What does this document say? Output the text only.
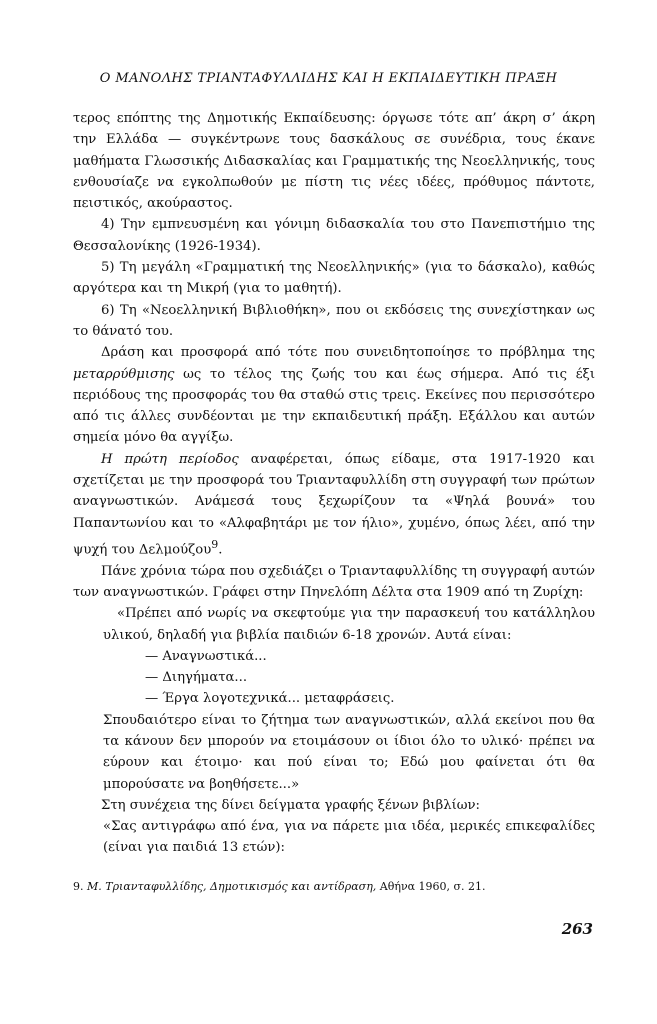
Ο ΜΑΝΟΛΗΣ ΤΡΙΑΝΤΑΦΥΛΛΙΔΗΣ ΚΑΙ Η ΕΚΠΑΙΔΕΥΤΙΚΗ ΠΡΑΞΗ

τερος επόπτης της Δημοτικής Εκπαίδευσης: όργωσε τότε απ’ άκρη σ’ άκρη την Ελλάδα — συγκέντρωνε τους δασκάλους σε συνέδρια, τους έκανε μαθήματα Γλωσσικής Διδασκαλίας και Γραμματικής της Νεοελληνικής, τους ενθουσίαζε να εγκολπωθούν με πίστη τις νέες ιδέες, πρόθυμος πάντοτε, πειστικός, ακούραστος.

4) Την εμπνευσμένη και γόνιμη διδασκαλία του στο Πανεπιστήμιο της Θεσσαλονίκης (1926-1934).

5) Τη μεγάλη «Γραμματική της Νεοελληνικής» (για το δάσκαλο), καθώς αργότερα και τη Μικρή (για το μαθητή).

6) Τη «Νεοελληνική Βιβλιοθήκη», που οι εκδόσεις της συνεχίστηκαν ως το θάνατό του.

Δράση και προσφορά από τότε που συνειδητοποίησε το πρόβλημα της μεταρρύθμισης ως το τέλος της ζωής του και έως σήμερα. Από τις έξι περιόδους της προσφοράς του θα σταθώ στις τρεις. Εκείνες που περισσότερο από τις άλλες συνδέονται με την εκπαιδευτική πράξη. Εξάλλου και αυτών σημεία μόνο θα αγγίξω.

Η πρώτη περίοδος αναφέρεται, όπως είδαμε, στα 1917-1920 και σχετίζεται με την προσφορά του Τριανταφυλλίδη στη συγγραφή των πρώτων αναγνωστικών. Ανάμεσά τους ξεχωρίζουν τα «Ψηλά βουνά» του Παπαντωνίου και το «Αλφαβητάρι με τον ήλιο», χυμένο, όπως λέει, από την ψυχή του Δελμούζου$^9$.

Πάνε χρόνια τώρα που σχεδιάζει ο Τριανταφυλλίδης τη συγγραφή αυτών των αναγνωστικών. Γράφει στην Πηνελόπη Δέλτα στα 1909 από τη Ζυρίχη:

«Πρέπει από νωρίς να σκεφτούμε για την παρασκευή του κατάλληλου υλικού, δηλαδή για βιβλία παιδιών 6-18 χρονών. Αυτά είναι:

— Αναγνωστικά...

— Διηγήματα...

— Έργα λογοτεχνικά... μεταφράσεις.

Σπουδαιότερο είναι το ζήτημα των αναγνωστικών, αλλά εκείνοι που θα τα κάνουν δεν μπορούν να ετοιμάσουν οι ίδιοι όλο το υλικό· πρέπει να εύρουν και έτοιμο· και πού είναι το; Εδώ μου φαίνεται ότι θα μπορούσατε να βοηθήσετε...»

Στη συνέχεια της δίνει δείγματα γραφής ξένων βιβλίων:

«Σας αντιγράφω από ένα, για να πάρετε μια ιδέα, μερικές επικεφαλίδες (είναι για παιδιά 13 ετών):

9. Μ. Τριανταφυλλίδης, Δημοτικισμός και αντίδραση, Αθήνα 1960, σ. 21.
263
